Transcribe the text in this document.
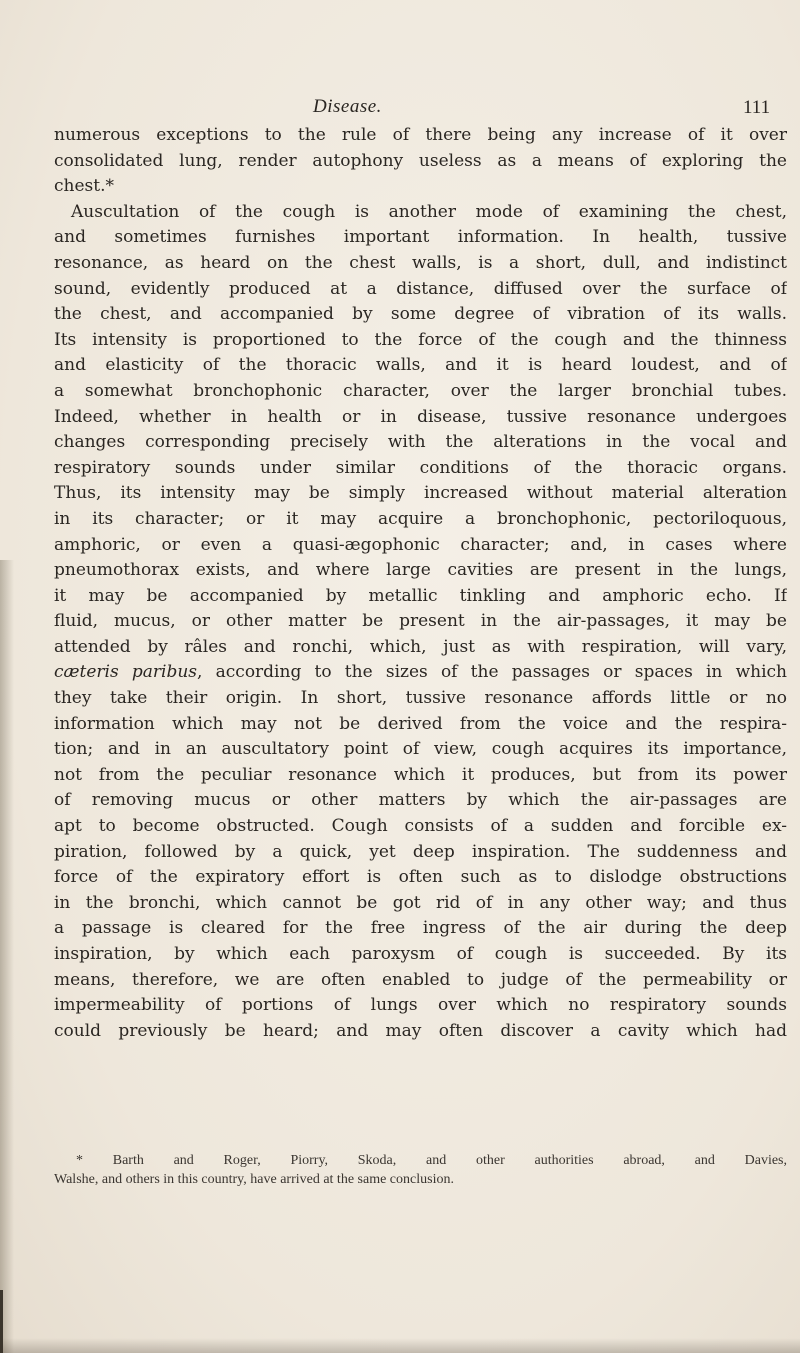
Disease.	111
numerous exceptions to the rule of there being any increase of it over
consolidated lung, render autophony useless as a means of exploring the
chest.*
Auscultation of the cough is another mode of examining the chest,
and sometimes furnishes important information. In health, tussive
resonance, as heard on the chest walls, is a short, dull, and indistinct
sound, evidently produced at a distance, diffused over the surface of
the chest, and accompanied by some degree of vibration of its walls.
Its intensity is proportioned to the force of the cough and the thinness
and elasticity of the thoracic walls, and it is heard loudest, and of
a somewhat bronchophonic character, over the larger bronchial tubes.
Indeed, whether in health or in disease, tussive resonance undergoes
changes corresponding precisely with the alterations in the vocal and
respiratory sounds under similar conditions of the thoracic organs.
Thus, its intensity may be simply increased without material alteration
in its character; or it may acquire a bronchophonic, pectoriloquous,
amphoric, or even a quasi-ægophonic character; and, in cases where
pneumothorax exists, and where large cavities are present in the lungs,
it may be accompanied by metallic tinkling and amphoric echo. If
fluid, mucus, or other matter be present in the air-passages, it may be
attended by râles and ronchi, which, just as with respiration, will vary,
cæteris paribus, according to the sizes of the passages or spaces in which
they take their origin. In short, tussive resonance affords little or no
information which may not be derived from the voice and the respira-
tion; and in an auscultatory point of view, cough acquires its importance,
not from the peculiar resonance which it produces, but from its power
of removing mucus or other matters by which the air-passages are
apt to become obstructed. Cough consists of a sudden and forcible ex-
piration, followed by a quick, yet deep inspiration. The suddenness and
force of the expiratory effort is often such as to dislodge obstructions
in the bronchi, which cannot be got rid of in any other way; and thus
a passage is cleared for the free ingress of the air during the deep
inspiration, by which each paroxysm of cough is succeeded. By its
means, therefore, we are often enabled to judge of the permeability or
impermeability of portions of lungs over which no respiratory sounds
could previously be heard; and may often discover a cavity which had
* Barth and Roger, Piorry, Skoda, and other authorities abroad, and Davies,
Walshe, and others in this country, have arrived at the same conclusion.
